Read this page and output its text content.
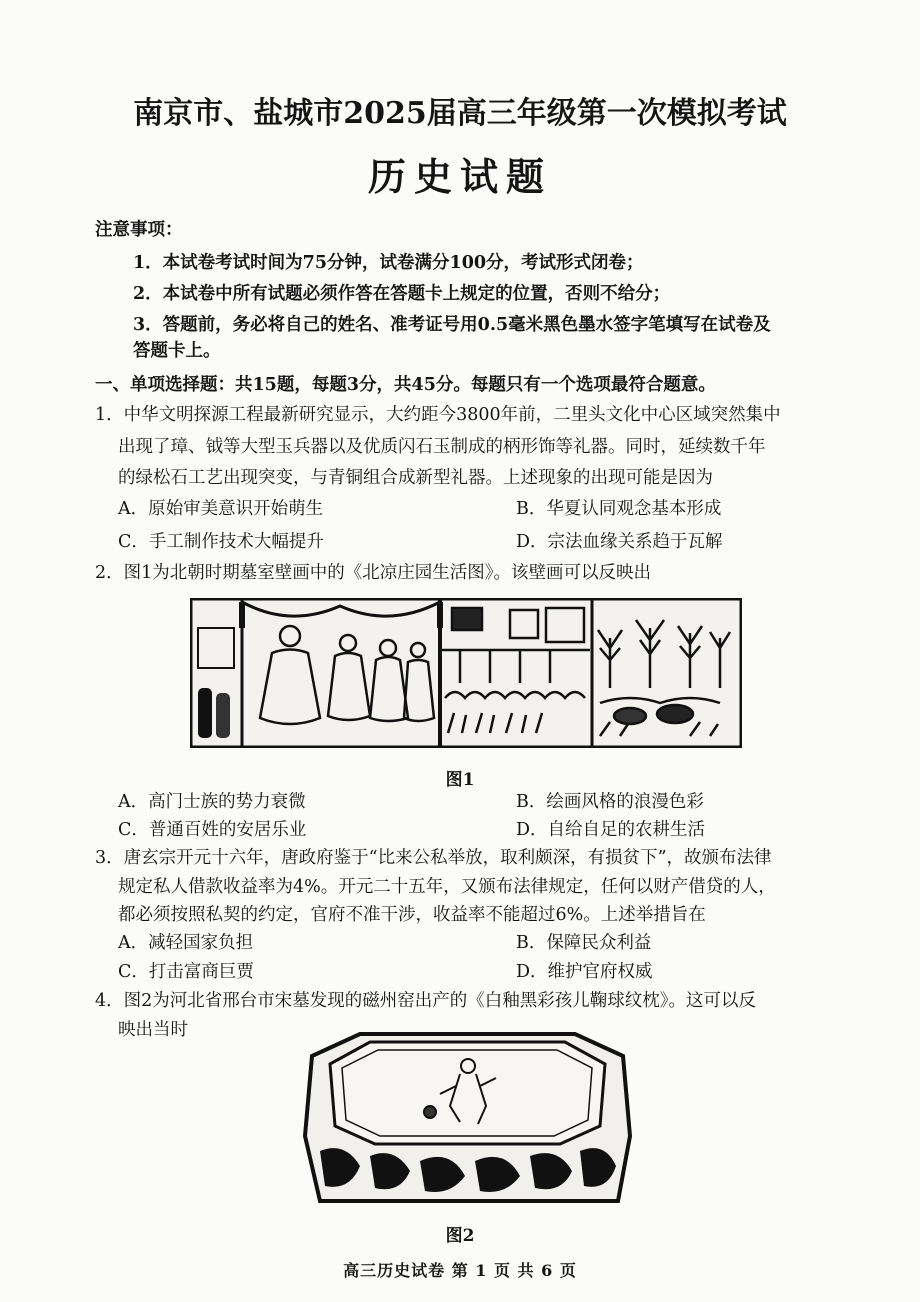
南京市、盐城市2025届高三年级第一次模拟考试
历史试题
注意事项：
1．本试卷考试时间为75分钟，试卷满分100分，考试形式闭卷；
2．本试卷中所有试题必须作答在答题卡上规定的位置，否则不给分；
3．答题前，务必将自己的姓名、准考证号用0.5毫米黑色墨水签字笔填写在试卷及
答题卡上。
一、单项选择题：共15题，每题3分，共45分。每题只有一个选项最符合题意。
1．中华文明探源工程最新研究显示，大约距今3800年前，二里头文化中心区域突然集中
出现了璋、钺等大型玉兵器以及优质闪石玉制成的柄形饰等礼器。同时，延续数千年
的绿松石工艺出现突变，与青铜组合成新型礼器。上述现象的出现可能是因为
A．原始审美意识开始萌生	B．华夏认同观念基本形成
C．手工制作技术大幅提升	D．宗法血缘关系趋于瓦解
2．图1为北朝时期墓室壁画中的《北凉庄园生活图》。该壁画可以反映出
图1
A．高门士族的势力衰微	B．绘画风格的浪漫色彩
C．普通百姓的安居乐业	D．自给自足的农耕生活
3．唐玄宗开元十六年，唐政府鉴于“比来公私举放，取利颇深，有损贫下”，故颁布法律
规定私人借款收益率为4%。开元二十五年，又颁布法律规定，任何以财产借贷的人，
都必须按照私契的约定，官府不准干涉，收益率不能超过6%。上述举措旨在
A．减轻国家负担	B．保障民众利益
C．打击富商巨贾	D．维护官府权威
4．图2为河北省邢台市宋墓发现的磁州窑出产的《白釉黑彩孩儿鞠球纹枕》。这可以反
映出当时
图2
高三历史试卷 第 1 页 共 6 页
